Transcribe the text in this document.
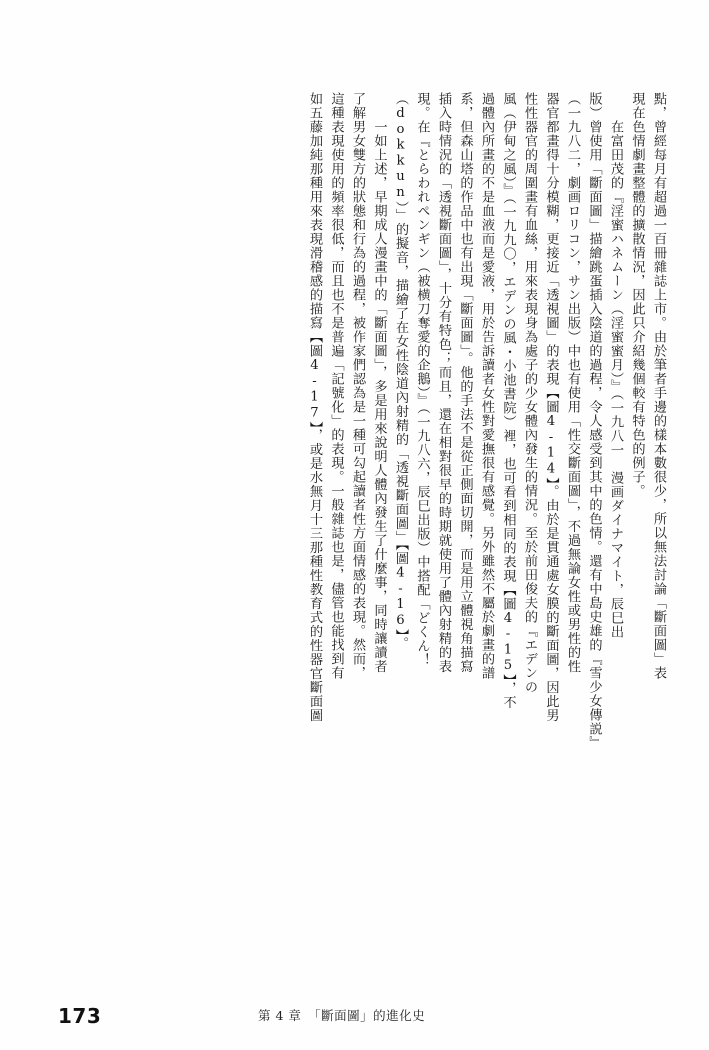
點，曾經每月有超過一百冊雜誌上市。由於筆者手邊的樣本數很少，所以無法討論「斷面圖」表
現在色情劇畫整體的擴散情況，因此只介紹幾個較有特色的例子。
　　在富田茂的『淫蜜ハネムーン（淫蜜蜜月）』（一九八一　漫画ダイナマイト，辰巳出
版）曾使用「斷面圖」描繪跳蛋插入陰道的過程，令人感受到其中的色情。還有中島史雄的『雪少女傳説』
（一九八二，劇画ロリコン，サン出版）中也有使用「性交斷面圖」，不過無論女性或男性的性
器官都畫得十分模糊，更接近「透視圖」的表現【圖4-14】。由於是貫通處女膜的斷面圖，因此男
性性器官的周圍畫有血絲，用來表現身為處子的少女體內發生的情況。至於前田俊夫的『エデンの
風（伊甸之風）』（一九九〇，エデンの風・小池書院）裡，也可看到相同的表現【圖4-15】，不
過體內所畫的不是血液而是愛液，用於告訴讀者女性對愛撫很有感覺。另外雖然不屬於劇畫的譜
系，但森山塔的作品中也有出現「斷面圖」。他的手法不是從正側面切開，而是用立體視角描寫
插入時情況的「透視斷面圖」，十分有特色；而且，還在相對很早的時期就使用了體內射精的表
現。在『とらわれペンギン（被横刀奪愛的企鵝）』（一九八六，辰巳出版）中搭配「どくん！
（dokkun）」的擬音，描繪了在女性陰道內射精的「透視斷面圖」【圖4-16】。
　　一如上述，早期成人漫畫中的「斷面圖」，多是用來說明人體內發生了什麼事，同時讓讀者
了解男女雙方的狀態和行為的過程，被作家們認為是一種可勾起讀者性方面情感的表現。然而，
這種表現使用的頻率很低，而且也不是普遍「記號化」的表現。一般雜誌也是，儘管也能找到有
如五藤加純那種用來表現滑稽感的描寫【圖4-17】，或是水無月十三那種性教育式的性器官斷面圖
173	第 4 章　「斷面圖」的進化史
